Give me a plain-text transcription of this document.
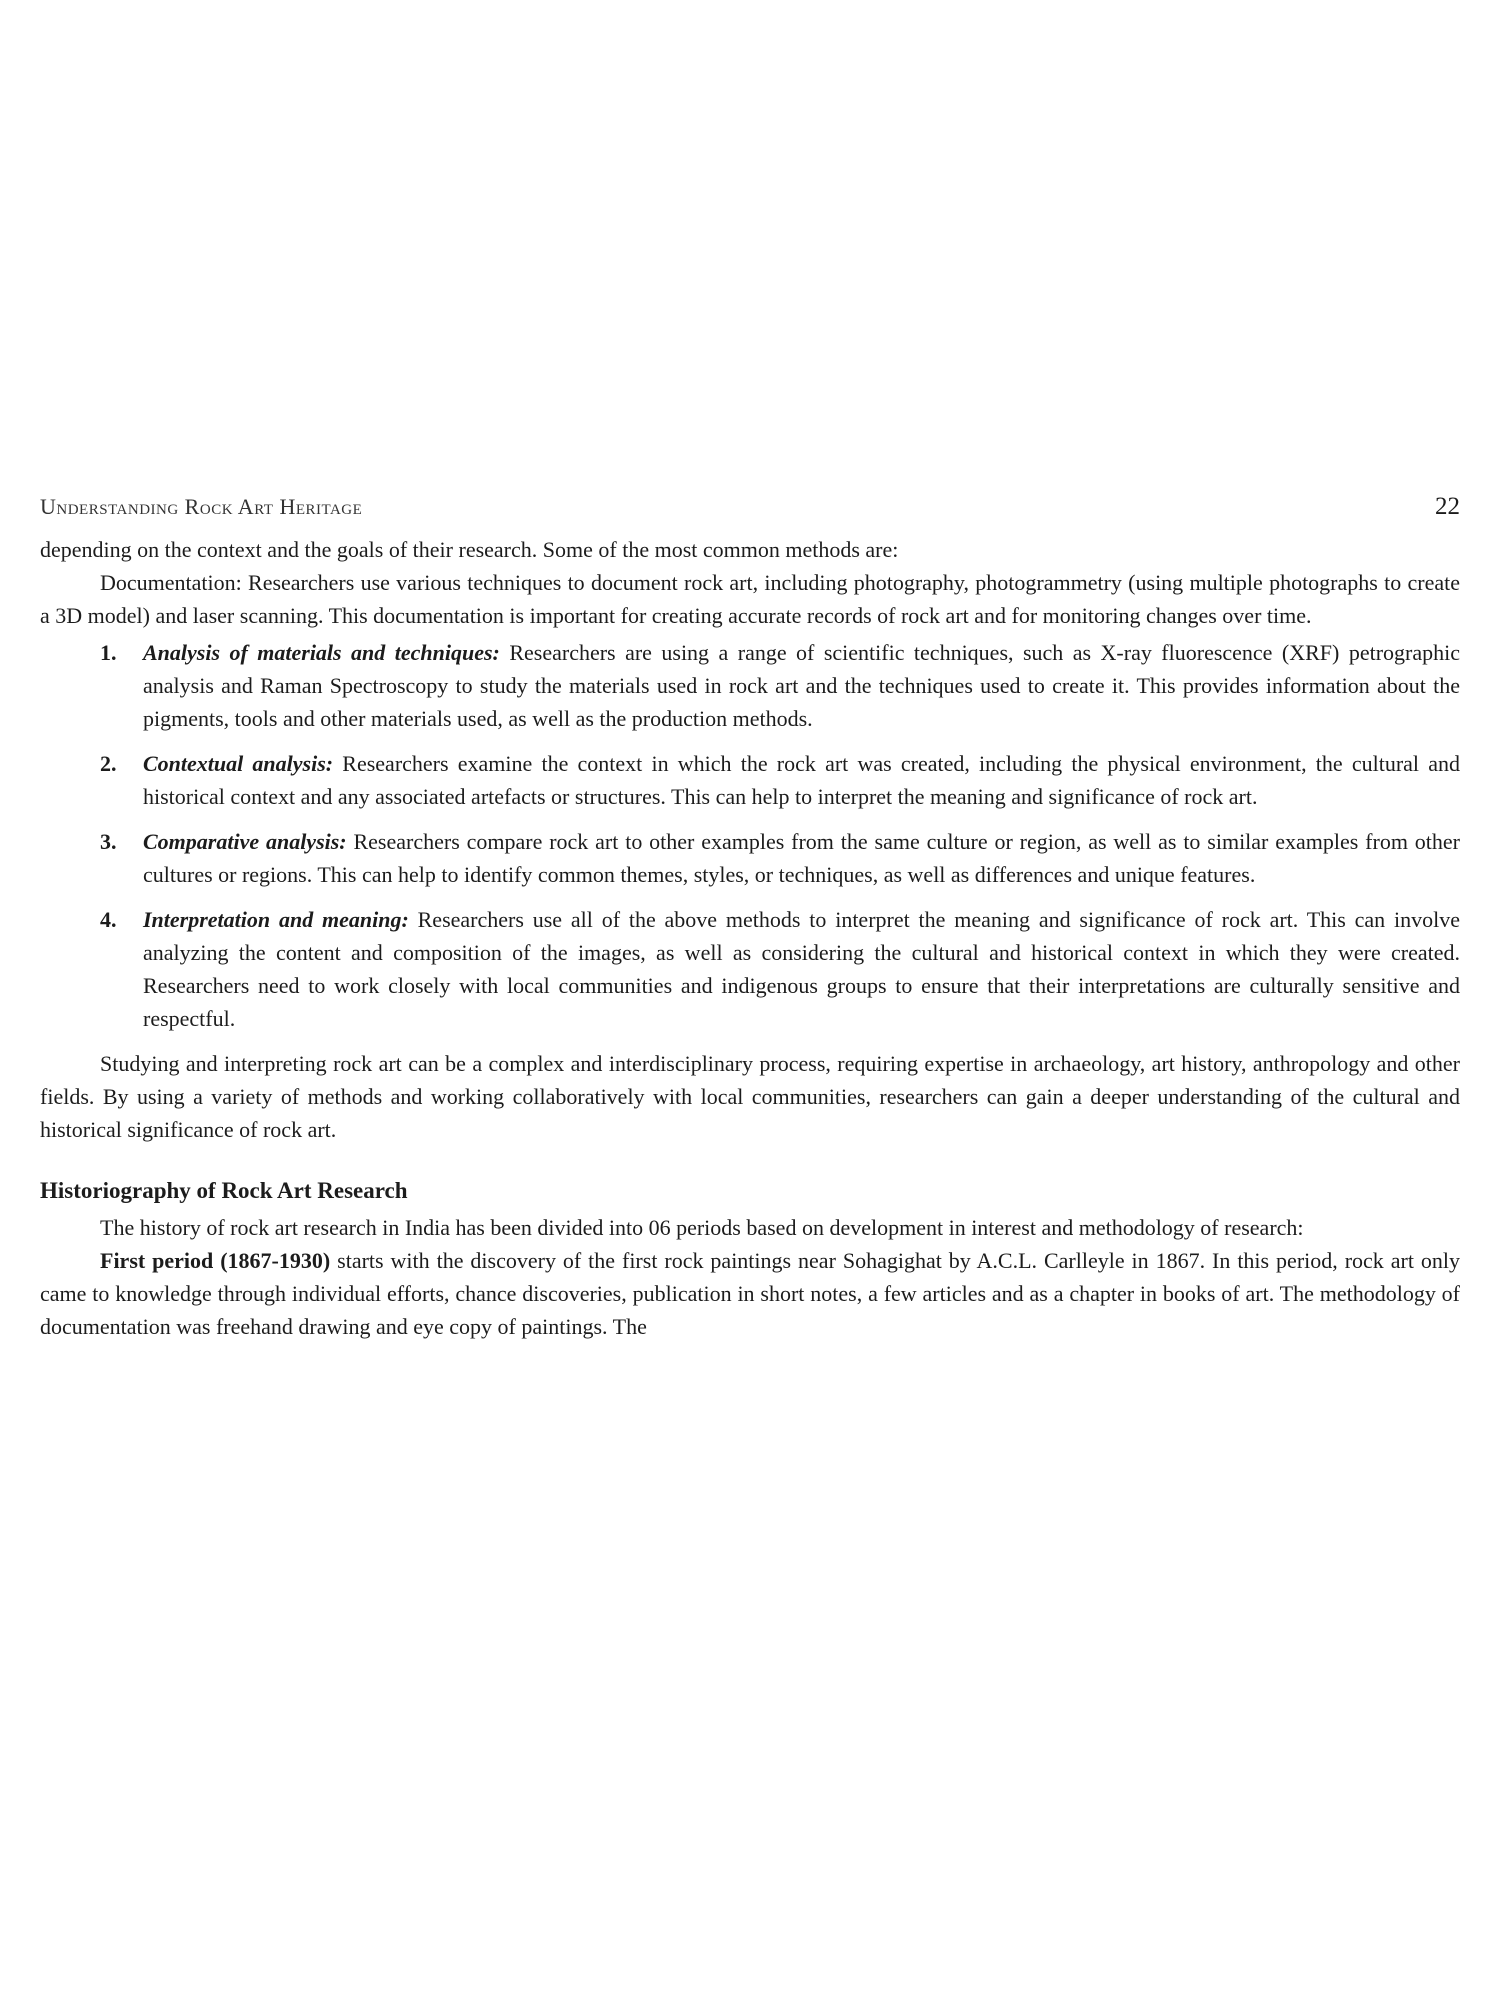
Understanding Rock Art Heritage	22

depending on the context and the goals of their research. Some of the most common methods are:

Documentation: Researchers use various techniques to document rock art, including photography, photogrammetry (using multiple photographs to create a 3D model) and laser scanning. This documentation is important for creating accurate records of rock art and for monitoring changes over time.

1. Analysis of materials and techniques: Researchers are using a range of scientific techniques, such as X-ray fluorescence (XRF) petrographic analysis and Raman Spectroscopy to study the materials used in rock art and the techniques used to create it. This provides information about the pigments, tools and other materials used, as well as the production methods.
2. Contextual analysis: Researchers examine the context in which the rock art was created, including the physical environment, the cultural and historical context and any associated artefacts or structures. This can help to interpret the meaning and significance of rock art.
3. Comparative analysis: Researchers compare rock art to other examples from the same culture or region, as well as to similar examples from other cultures or regions. This can help to identify common themes, styles, or techniques, as well as differences and unique features.
4. Interpretation and meaning: Researchers use all of the above methods to interpret the meaning and significance of rock art. This can involve analyzing the content and composition of the images, as well as considering the cultural and historical context in which they were created. Researchers need to work closely with local communities and indigenous groups to ensure that their interpretations are culturally sensitive and respectful.

Studying and interpreting rock art can be a complex and interdisciplinary process, requiring expertise in archaeology, art history, anthropology and other fields. By using a variety of methods and working collaboratively with local communities, researchers can gain a deeper understanding of the cultural and historical significance of rock art.

Historiography of Rock Art Research

The history of rock art research in India has been divided into 06 periods based on development in interest and methodology of research:

First period (1867-1930) starts with the discovery of the first rock paintings near Sohagighat by A.C.L. Carlleyle in 1867. In this period, rock art only came to knowledge through individual efforts, chance discoveries, publication in short notes, a few articles and as a chapter in books of art. The methodology of documentation was freehand drawing and eye copy of paintings. The
